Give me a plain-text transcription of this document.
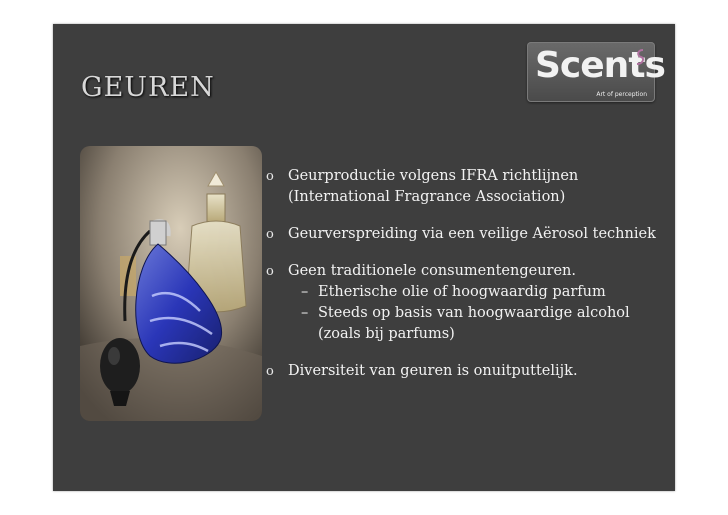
GEUREN
Scents
Art of perception
o Geurproductie volgens IFRA richtlijnen
(International Fragrance Association)
o Geurverspreiding via een veilige Aërosol techniek
o Geen traditionele consumentengeuren.
– Etherische olie of hoogwaardig parfum
– Steeds op basis van hoogwaardige alcohol
(zoals bij parfums)
o Diversiteit van geuren is onuitputtelijk.
